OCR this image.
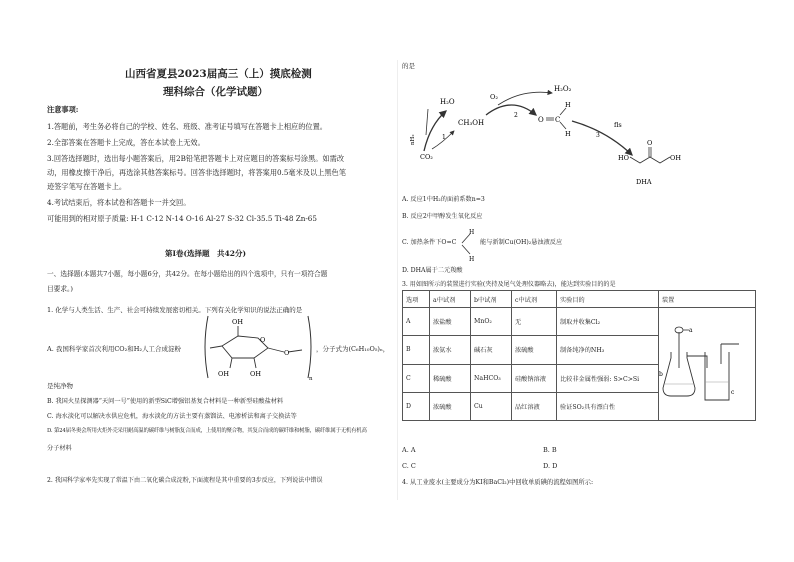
山西省夏县2023届高三（上）摸底检测
理科综合（化学试题）
注意事项:
1.答题前，考生务必将自己的学校、姓名、班级、准考证号填写在答题卡上相应的位置。
2.全部答案在答题卡上完成，答在本试卷上无效。
3.回答选择题时，选出每小题答案后，用2B铅笔把答题卡上对应题目的答案标号涂黑。如需改
动，用橡皮擦干净后，再选涂其他答案标号。回答非选择题时，将答案用0.5毫米及以上黑色笔
迹签字笔写在答题卡上。
4.考试结束后，将本试卷和答题卡一并交回。
可能用到的相对原子质量: H-1 C-12 N-14 O-16 Al-27 S-32 Cl-35.5 Ti-48 Zn-65
第Ⅰ卷(选择题　共42分)
一、选择题(本题共7小题，每小题6分，共42分。在每小题给出的四个选项中，只有一项符合题
目要求。)
1. 化学与人类生活、生产、社会可持续发展密切相关。下列有关化学知识的说法正确的是
A. 我国科学家首次利用CO₂和H₂人工合成淀粉
OH
OH	OH
O
O
n
，分子式为(C₆H₁₀O₅)ₙ，
是纯净物
B. 我国火星探测器“天问一号”使用的新型SiC增强铝基复合材料是一种新型硅酸盐材料
C. 海水淡化可以解决水供应危机，海水淡化的方法主要有蒸馏法、电渗析法和离子交换法等
D. 第24届冬奥会所用火炬外壳采用耐高温的碳纤维与树脂复合而成，上使用的聚合物，其复合而成的碳纤维和树脂，碳纤维属于无机有机高
分子材料
2. 我国科学家率先实现了常温下由二氧化碳合成淀粉,下面流程是其中重要的3步反应，下列说法中错误
的是
H₂O
nH₂
CO₂
1
CH₃OH
O₂
H₂O₂
2
O C
H
H
fls
3
HO
O
OH
DHA
A. 反应1中H₂的面前系数n=3
B. 反应2中甲醇发生氧化反应
C. 加热条件下O=C
H
H
能与新制Cu(OH)₂悬浊液反应
D. DHA属于二元羧酸
3. 用如图所示的装置进行实验(夹持及尾气处理仪器略去)，能达到实验目的的是
选项	a中试剂	b中试剂	c中试剂	实验目的	装置
A	浓盐酸	MnO₂	无	制取并收集Cl₂	a
b
c

B	浓氨水	碱石灰	浓硫酸	制备纯净的NH₃	
C	稀硫酸	NaHCO₃	硅酸钠溶液	比较非金属性强弱: S>C>Si	
D	浓硫酸	Cu	品红溶液	验证SO₂具有漂白性	
A. A	B. B
C. C	D. D
4. 从工业废水(主要成分为KI和BaCl₂)中回收单质碘的流程如图所示:
